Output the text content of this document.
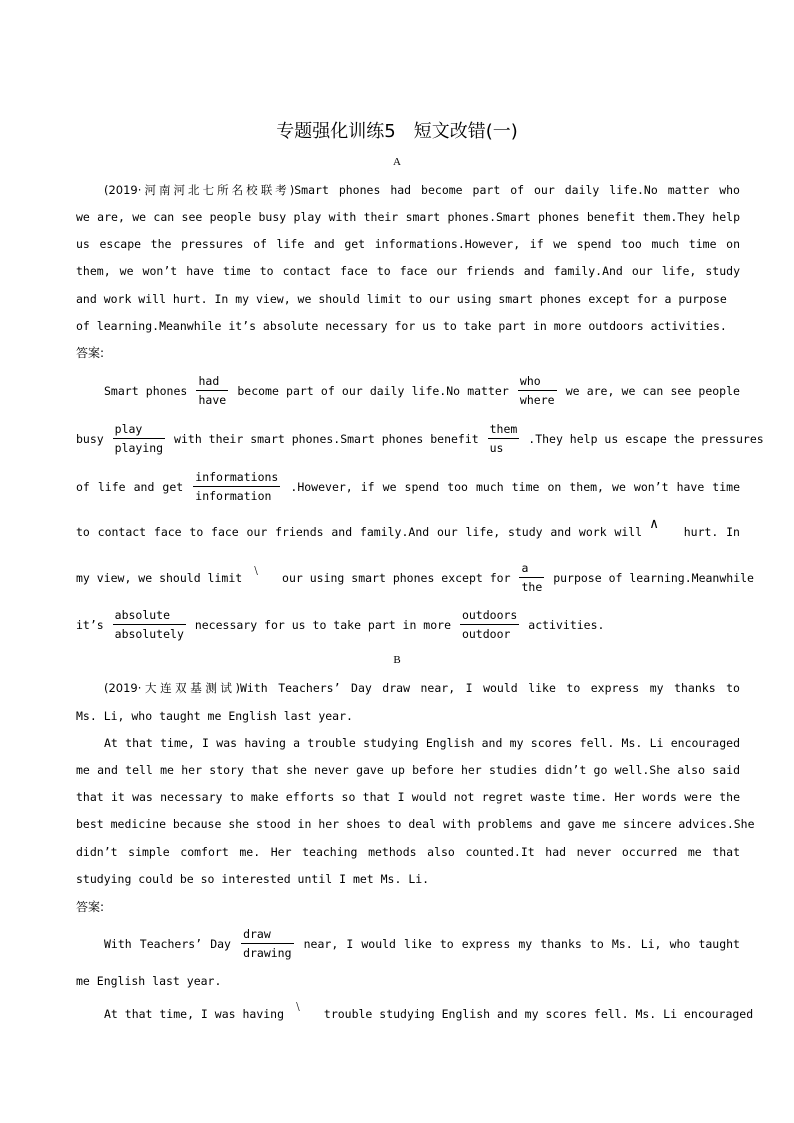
专题强化训练5　短文改错(一)
A
(2019·河南河北七所名校联考)Smart phones had become part of our daily life.No matter who
we are, we can see people busy play with their smart phones.Smart phones benefit them.They help
us escape the pressures of life and get informations.However, if we spend too much time on
them, we won’t have time to contact face to face our friends and family.And our life, study
and work will hurt. In my view, we should limit to our using smart phones except for a purpose
of learning.Meanwhile it’s absolute necessary for us to take part in more outdoors activities.
答案:
Smart phones $\frac{\text{had}}{\text{have}}$ become part of our daily life.No matter $\frac{\text{who}}{\text{where}}$ we are, we can see people
busy $\frac{\text{play}}{\text{playing}}$ with their smart phones.Smart phones benefit $\frac{\text{them}}{us}$ .They help us escape the pressures
of life and get $\frac{\text{informations}}{\text{information}}$ .However, if we spend too much time on them, we won’t have time
to contact face to face our friends and family.And our life, study and work will ∧ hurt. In
my view, we should limit ﹨ our using smart phones except for $\frac{a}{\text{the}}$ purpose of learning.Meanwhile
it’s $\frac{\text{absolute}}{\text{absolutely}}$ necessary for us to take part in more $\frac{\text{outdoors}}{\text{outdoor}}$ activities.
B
(2019·大连双基测试)With Teachers’ Day draw near, I would like to express my thanks to
Ms. Li, who taught me English last year.
At that time, I was having a trouble studying English and my scores fell. Ms. Li encouraged
me and tell me her story that she never gave up before her studies didn’t go well.She also said
that it was necessary to make efforts so that I would not regret waste time. Her words were the
best medicine because she stood in her shoes to deal with problems and gave me sincere advices.She
didn’t simple comfort me. Her teaching methods also counted.It had never occurred me that
studying could be so interested until I met Ms. Li.
答案:
With Teachers’ Day $\frac{\text{draw}}{\text{drawing}}$ near, I would like to express my thanks to Ms. Li, who taught
me English last year.
At that time, I was having ﹨ trouble studying English and my scores fell. Ms. Li encouraged
